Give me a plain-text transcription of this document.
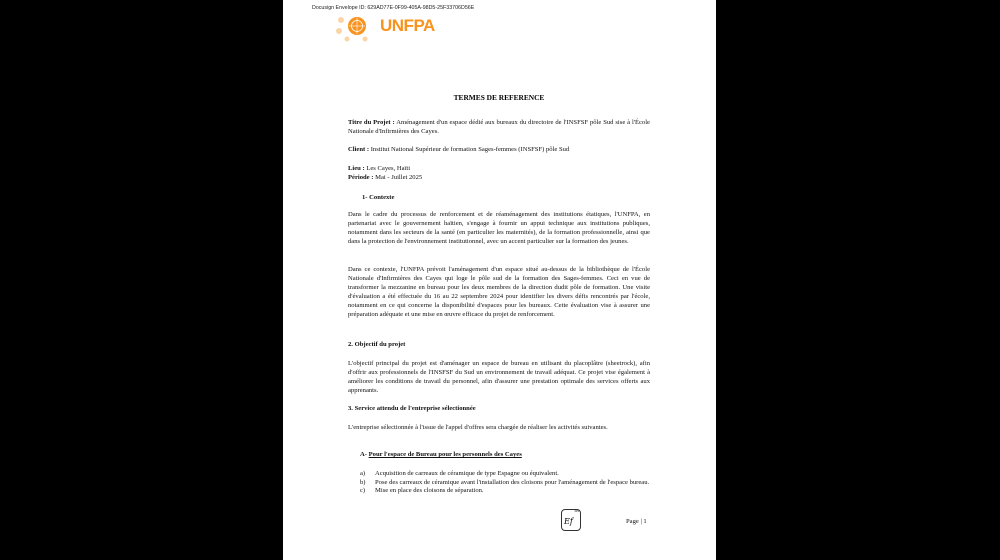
Docusign Envelope ID: 629AD77E-0F99-405A-98D5-25F33706D56E
UNFPA
TERMES DE REFERENCE
Titre du Projet : Aménagement d'un espace dédié aux bureaux du directoire de l'INSFSF pôle Sud sise à l'École Nationale d'Infirmières des Cayes.
Client : Institut National Supérieur de formation Sages-femmes (INSFSF) pôle Sud
Lieu : Les Cayes, Haïti
Période : Mai - Juillet 2025
1- Contexte
Dans le cadre du processus de renforcement et de réaménagement des institutions étatiques, l'UNFPA, en partenariat avec le gouvernement haïtien, s'engage à fournir un appui technique aux institutions publiques, notamment dans les secteurs de la santé (en particulier les maternités), de la formation professionnelle, ainsi que dans la protection de l'environnement institutionnel, avec un accent particulier sur la formation des jeunes.
Dans ce contexte, l'UNFPA prévoit l'aménagement d'un espace situé au-dessus de la bibliothèque de l'École Nationale d'Infirmières des Cayes qui loge le pôle sud de la formation des Sages-femmes. Ceci en vue de transformer la mezzanine en bureau pour les deux membres de la direction dudit pôle de formation. Une visite d'évaluation a été effectuée du 16 au 22 septembre 2024 pour identifier les divers défis rencontrés par l'école, notamment en ce qui concerne la disponibilité d'espaces pour les bureaux. Cette évaluation vise à assurer une préparation adéquate et une mise en œuvre efficace du projet de renforcement.
2. Objectif du projet
L'objectif principal du projet est d'aménager un espace de bureau en utilisant du placoplâtre (sheetrock), afin d'offrir aux professionnels de l'INSFSF du Sud un environnement de travail adéquat. Ce projet vise également à améliorer les conditions de travail du personnel, afin d'assurer une prestation optimale des services offerts aux apprenants.
3. Service attendu de l'entreprise sélectionnée
L'entreprise sélectionnée à l'issue de l'appel d'offres sera chargée de réaliser les activités suivantes.
A- Pour l'espace de Bureau pour les personnels des Cayes
a)	Acquisition de carreaux de céramique de type Espagne ou équivalent.
b)	Pose des carreaux de céramique avant l'installation des cloisons pour l'aménagement de l'espace bureau.
c)	Mise en place des cloisons de séparation.
DS
Ef	Page | 1
